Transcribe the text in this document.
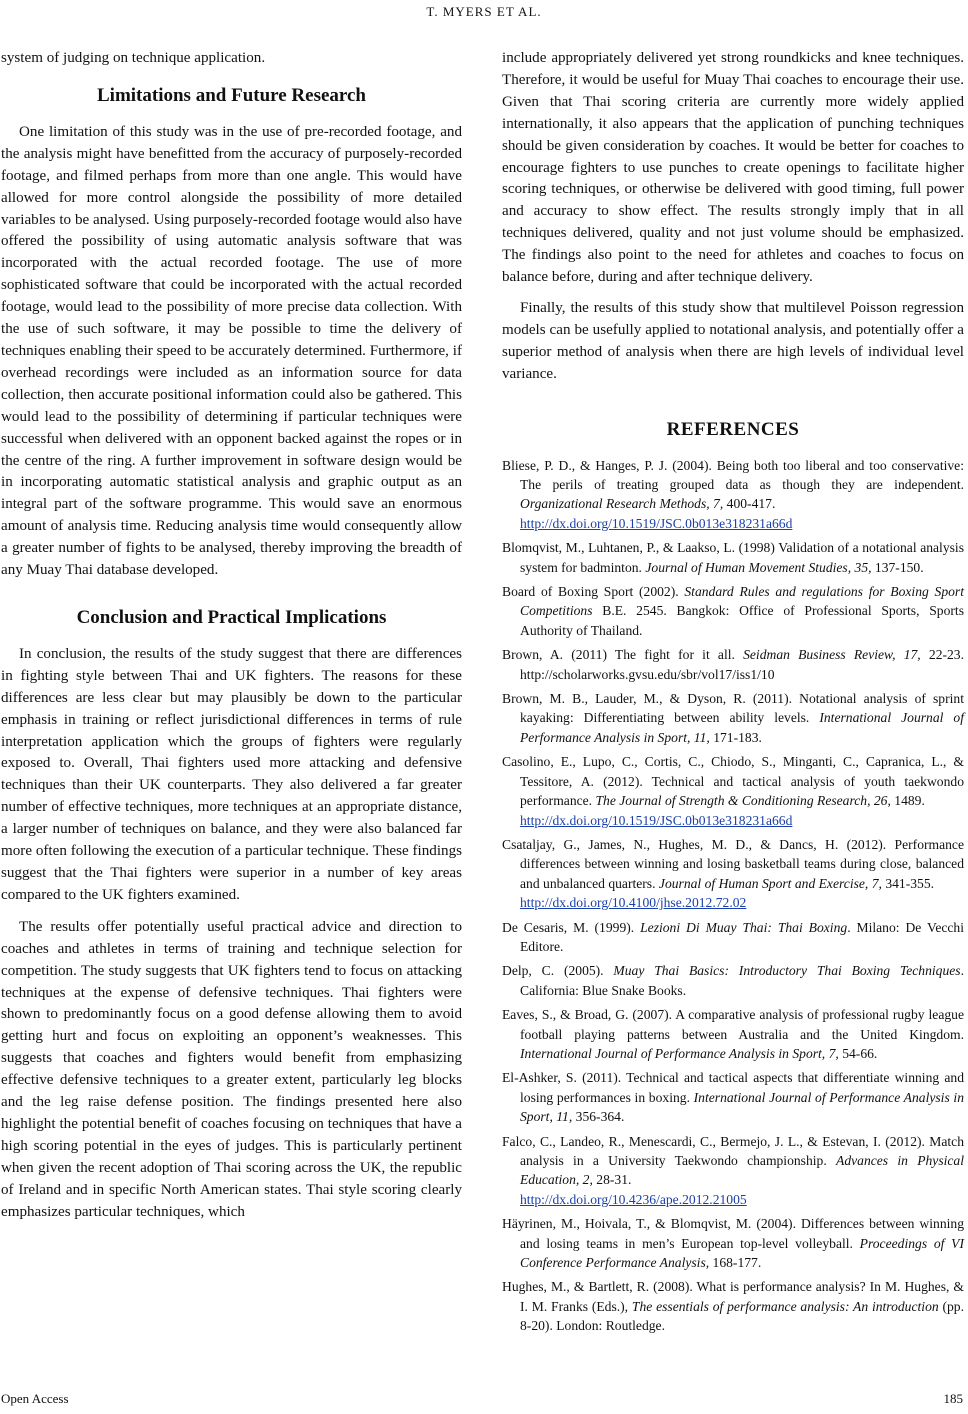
T. MYERS ET AL.

system of judging on technique application.

Limitations and Future Research

One limitation of this study was in the use of pre-recorded footage, and the analysis might have benefitted from the accuracy of purposely-recorded footage, and filmed perhaps from more than one angle. This would have allowed for more control alongside the possibility of more detailed variables to be analysed. Using purposely-recorded footage would also have offered the possibility of using automatic analysis software that was incorporated with the actual recorded footage. The use of more sophisticated software that could be incorporated with the actual recorded footage, would lead to the possibility of more precise data collection. With the use of such software, it may be possible to time the delivery of techniques enabling their speed to be accurately determined. Furthermore, if overhead recordings were included as an information source for data collection, then accurate positional information could also be gathered. This would lead to the possibility of determining if particular techniques were successful when delivered with an opponent backed against the ropes or in the centre of the ring. A further improvement in software design would be in incorporating automatic statistical analysis and graphic output as an integral part of the software programme. This would save an enormous amount of analysis time. Reducing analysis time would consequently allow a greater number of fights to be analysed, thereby improving the breadth of any Muay Thai database developed.

Conclusion and Practical Implications

In conclusion, the results of the study suggest that there are differences in fighting style between Thai and UK fighters. The reasons for these differences are less clear but may plausibly be down to the particular emphasis in training or reflect jurisdictional differences in terms of rule interpretation application which the groups of fighters were regularly exposed to. Overall, Thai fighters used more attacking and defensive techniques than their UK counterparts. They also delivered a far greater number of effective techniques, more techniques at an appropriate distance, a larger number of techniques on balance, and they were also balanced far more often following the execution of a particular technique. These findings suggest that the Thai fighters were superior in a number of key areas compared to the UK fighters examined.

The results offer potentially useful practical advice and direction to coaches and athletes in terms of training and technique selection for competition. The study suggests that UK fighters tend to focus on attacking techniques at the expense of defensive techniques. Thai fighters were shown to predominantly focus on a good defense allowing them to avoid getting hurt and focus on exploiting an opponent’s weaknesses. This suggests that coaches and fighters would benefit from emphasizing effective defensive techniques to a greater extent, particularly leg blocks and the leg raise defense position. The findings presented here also highlight the potential benefit of coaches focusing on techniques that have a high scoring potential in the eyes of judges. This is particularly pertinent when given the recent adoption of Thai scoring across the UK, the republic of Ireland and in specific North American states. Thai style scoring clearly emphasizes particular techniques, which

include appropriately delivered yet strong roundkicks and knee techniques. Therefore, it would be useful for Muay Thai coaches to encourage their use. Given that Thai scoring criteria are currently more widely applied internationally, it also appears that the application of punching techniques should be given consideration by coaches. It would be better for coaches to encourage fighters to use punches to create openings to facilitate higher scoring techniques, or otherwise be delivered with good timing, full power and accuracy to show effect. The results strongly imply that in all techniques delivered, quality and not just volume should be emphasized. The findings also point to the need for athletes and coaches to focus on balance before, during and after technique delivery.

Finally, the results of this study show that multilevel Poisson regression models can be usefully applied to notational analysis, and potentially offer a superior method of analysis when there are high levels of individual level variance.

REFERENCES
Bliese, P. D., & Hanges, P. J. (2004). Being both too liberal and too conservative: The perils of treating grouped data as though they are independent. Organizational Research Methods, 7, 400-417.
http://dx.doi.org/10.1519/JSC.0b013e318231a66d
Blomqvist, M., Luhtanen, P., & Laakso, L. (1998) Validation of a notational analysis system for badminton. Journal of Human Movement Studies, 35, 137-150.
Board of Boxing Sport (2002). Standard Rules and regulations for Boxing Sport Competitions B.E. 2545. Bangkok: Office of Professional Sports, Sports Authority of Thailand.
Brown, A. (2011) The fight for it all. Seidman Business Review, 17, 22-23. http://scholarworks.gvsu.edu/sbr/vol17/iss1/10
Brown, M. B., Lauder, M., & Dyson, R. (2011). Notational analysis of sprint kayaking: Differentiating between ability levels. International Journal of Performance Analysis in Sport, 11, 171-183.
Casolino, E., Lupo, C., Cortis, C., Chiodo, S., Minganti, C., Capranica, L., & Tessitore, A. (2012). Technical and tactical analysis of youth taekwondo performance. The Journal of Strength & Conditioning Research, 26, 1489.
http://dx.doi.org/10.1519/JSC.0b013e318231a66d
Csataljay, G., James, N., Hughes, M. D., & Dancs, H. (2012). Performance differences between winning and losing basketball teams during close, balanced and unbalanced quarters. Journal of Human Sport and Exercise, 7, 341-355.
http://dx.doi.org/10.4100/jhse.2012.72.02
De Cesaris, M. (1999). Lezioni Di Muay Thai: Thai Boxing. Milano: De Vecchi Editore.
Delp, C. (2005). Muay Thai Basics: Introductory Thai Boxing Techniques. California: Blue Snake Books.
Eaves, S., & Broad, G. (2007). A comparative analysis of professional rugby league football playing patterns between Australia and the United Kingdom. International Journal of Performance Analysis in Sport, 7, 54-66.
El-Ashker, S. (2011). Technical and tactical aspects that differentiate winning and losing performances in boxing. International Journal of Performance Analysis in Sport, 11, 356-364.
Falco, C., Landeo, R., Menescardi, C., Bermejo, J. L., & Estevan, I. (2012). Match analysis in a University Taekwondo championship. Advances in Physical Education, 2, 28-31.
http://dx.doi.org/10.4236/ape.2012.21005
Häyrinen, M., Hoivala, T., & Blomqvist, M. (2004). Differences between winning and losing teams in men’s European top-level volleyball. Proceedings of VI Conference Performance Analysis, 168-177.
Hughes, M., & Bartlett, R. (2008). What is performance analysis? In M. Hughes, & I. M. Franks (Eds.), The essentials of performance analysis: An introduction (pp. 8-20). London: Routledge.
Open Access	185
